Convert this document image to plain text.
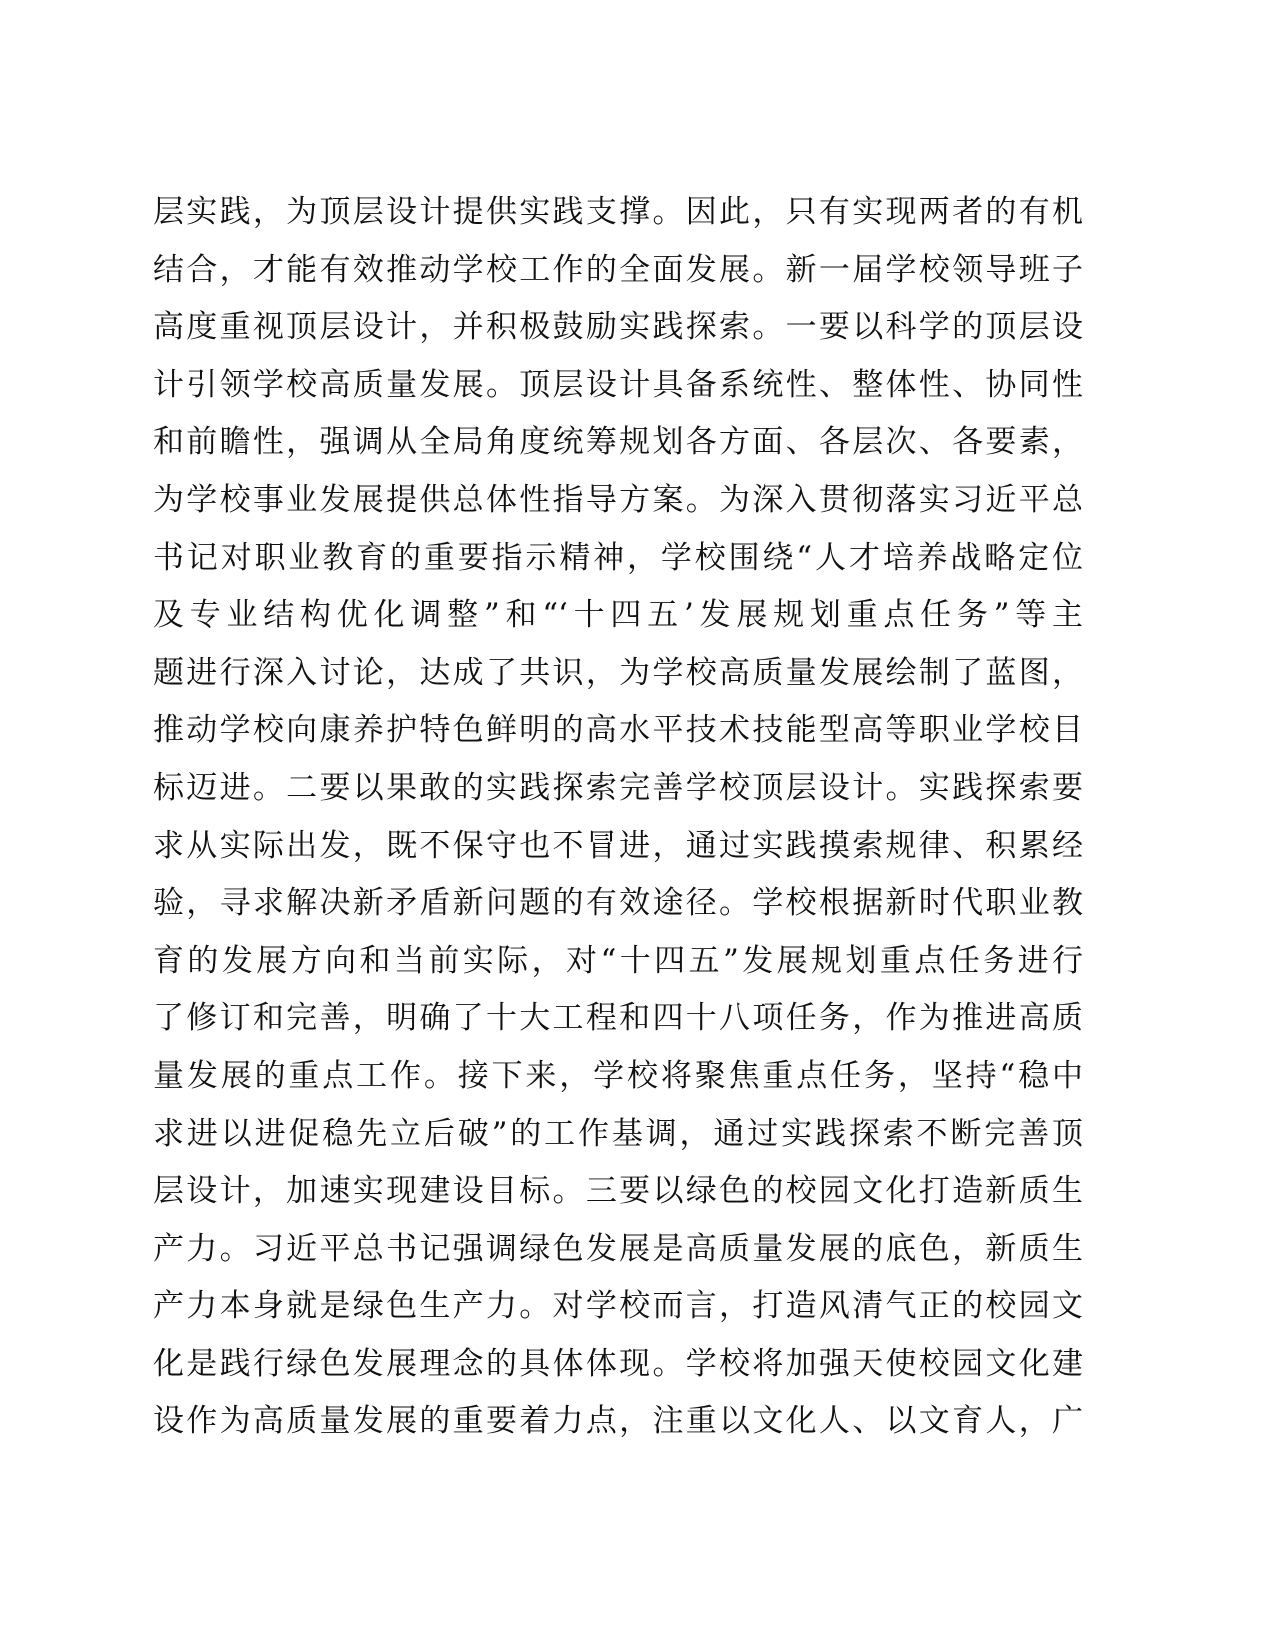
层实践，为顶层设计提供实践支撑。因此，只有实现两者的有机
结合，才能有效推动学校工作的全面发展。新一届学校领导班子
高度重视顶层设计，并积极鼓励实践探索。一要以科学的顶层设
计引领学校高质量发展。顶层设计具备系统性、整体性、协同性
和前瞻性，强调从全局角度统筹规划各方面、各层次、各要素，
为学校事业发展提供总体性指导方案。为深入贯彻落实习近平总
书记对职业教育的重要指示精神，学校围绕“人才培养战略定位
及专业结构优化调整”和“‘十四五’发展规划重点任务”等主
题进行深入讨论，达成了共识，为学校高质量发展绘制了蓝图，
推动学校向康养护特色鲜明的高水平技术技能型高等职业学校目
标迈进。二要以果敢的实践探索完善学校顶层设计。实践探索要
求从实际出发，既不保守也不冒进，通过实践摸索规律、积累经
验，寻求解决新矛盾新问题的有效途径。学校根据新时代职业教
育的发展方向和当前实际，对“十四五”发展规划重点任务进行
了修订和完善，明确了十大工程和四十八项任务，作为推进高质
量发展的重点工作。接下来，学校将聚焦重点任务，坚持“稳中
求进以进促稳先立后破”的工作基调，通过实践探索不断完善顶
层设计，加速实现建设目标。三要以绿色的校园文化打造新质生
产力。习近平总书记强调绿色发展是高质量发展的底色，新质生
产力本身就是绿色生产力。对学校而言，打造风清气正的校园文
化是践行绿色发展理念的具体体现。学校将加强天使校园文化建
设作为高质量发展的重要着力点，注重以文化人、以文育人，广
